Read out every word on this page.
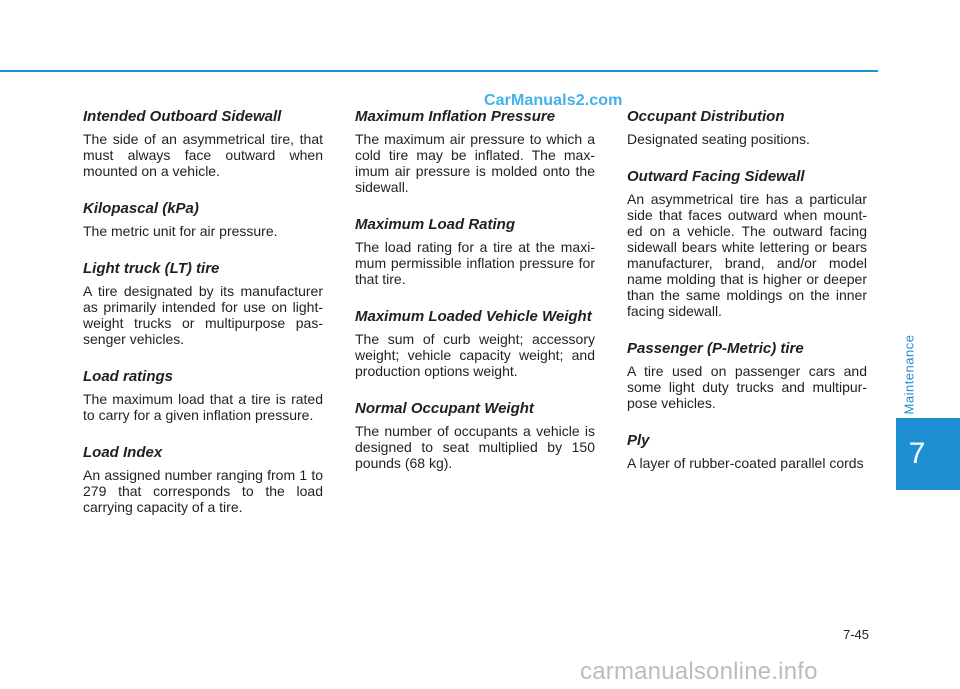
CarManuals2.com

Intended Outboard Sidewall

The side of an asymmetrical tire, that must always face outward when mounted on a vehicle.

Kilopascal (kPa)

The metric unit for air pressure.

Light truck (LT) tire

A tire designated by its manufacturer as primarily intended for use on light-weight trucks or multipurpose pas-senger vehicles.

Load ratings

The maximum load that a tire is rated to carry for a given inflation pressure.

Load Index

An assigned number ranging from 1 to 279 that corresponds to the load carrying capacity of a tire.

Maximum Inflation Pressure

The maximum air pressure to which a cold tire may be inflated. The max-imum air pressure is molded onto the sidewall.

Maximum Load Rating

The load rating for a tire at the maxi-mum permissible inflation pressure for that tire.

Maximum Loaded Vehicle Weight

The sum of curb weight; accessory weight; vehicle capacity weight; and production options weight.

Normal Occupant Weight

The number of occupants a vehicle is designed to seat multiplied by 150 pounds (68 kg).

Occupant Distribution

Designated seating positions.

Outward Facing Sidewall

An asymmetrical tire has a particular side that faces outward when mount-ed on a vehicle. The outward facing sidewall bears white lettering or bears manufacturer, brand, and/or model name molding that is higher or deeper than the same moldings on the inner facing sidewall.

Passenger (P-Metric) tire

A tire used on passenger cars and some light duty trucks and multipur-pose vehicles.

Ply

A layer of rubber-coated parallel cords

Maintenance
7
7-45
carmanualsonline.info
